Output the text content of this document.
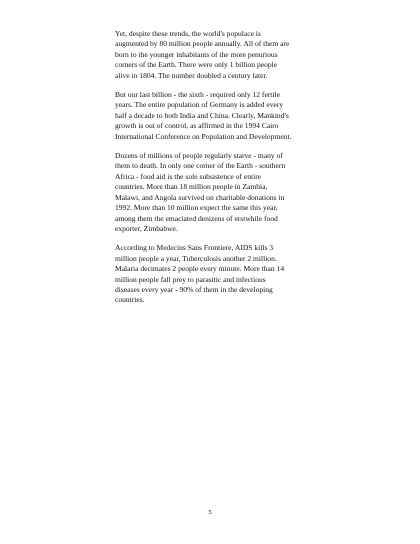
Yet, despite these trends, the world's populace is
augmented by 80 million people annually. All of them are
born to the younger inhabitants of the more penurious
corners of the Earth. There were only 1 billion people
alive in 1804. The number doubled a century later.

But our last billion - the sixth - required only 12 fertile
years. The entire population of Germany is added every
half a decade to both India and China. Clearly, Mankind's
growth is out of control, as affirmed in the 1994 Cairo
International Conference on Population and Development.

Dozens of millions of people regularly starve - many of
them to death. In only one corner of the Earth - southern
Africa - food aid is the sole subsistence of entire
countries. More than 18 million people in Zambia,
Malawi, and Angola survived on charitable donations in
1992. More than 10 million expect the same this year,
among them the emaciated denizens of erstwhile food
exporter, Zimbabwe.

According to Medecins Sans Frontiere, AIDS kills 3
million people a year, Tuberculosis another 2 million.
Malaria decimates 2 people every minute. More than 14
million people fall prey to parasitic and infectious
diseases every year - 90% of them in the developing
countries.

5
